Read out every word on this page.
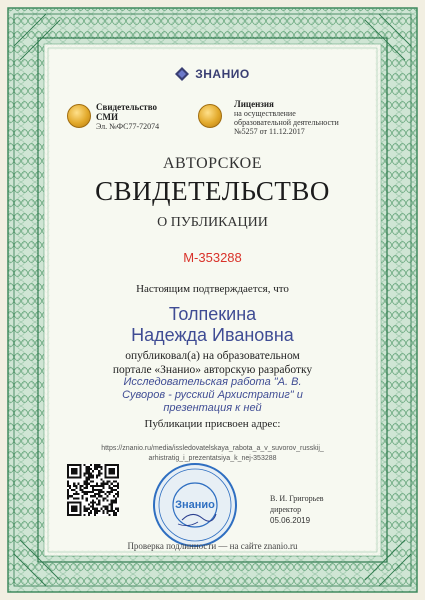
ЗНАНИО
Свидетельство
СМИ
Эл. №ФС77-72074
Лицензия
на осуществление
образовательной деятельности
№5257 от 11.12.2017
АВТОРСКОЕ
СВИДЕТЕЛЬСТВО
О ПУБЛИКАЦИИ
М-353288
Настоящим подтверждается, что
Толпекина
Надежда Ивановна
опубликовал(а) на образовательном
портале «Знанио» авторскую разработку
Исследовательская работа "А. В.
Суворов - русский Архистратиг" и
презентация к ней
Публикации присвоен адрес:
https://znanio.ru/media/issledovatelskaya_rabota_a_v_suvorov_russkij_
arhistratig_i_prezentatsiya_k_nej-353288
Знанио
В. И. Григорьев
директор
05.06.2019
Проверка подлинности — на сайте znanio.ru
